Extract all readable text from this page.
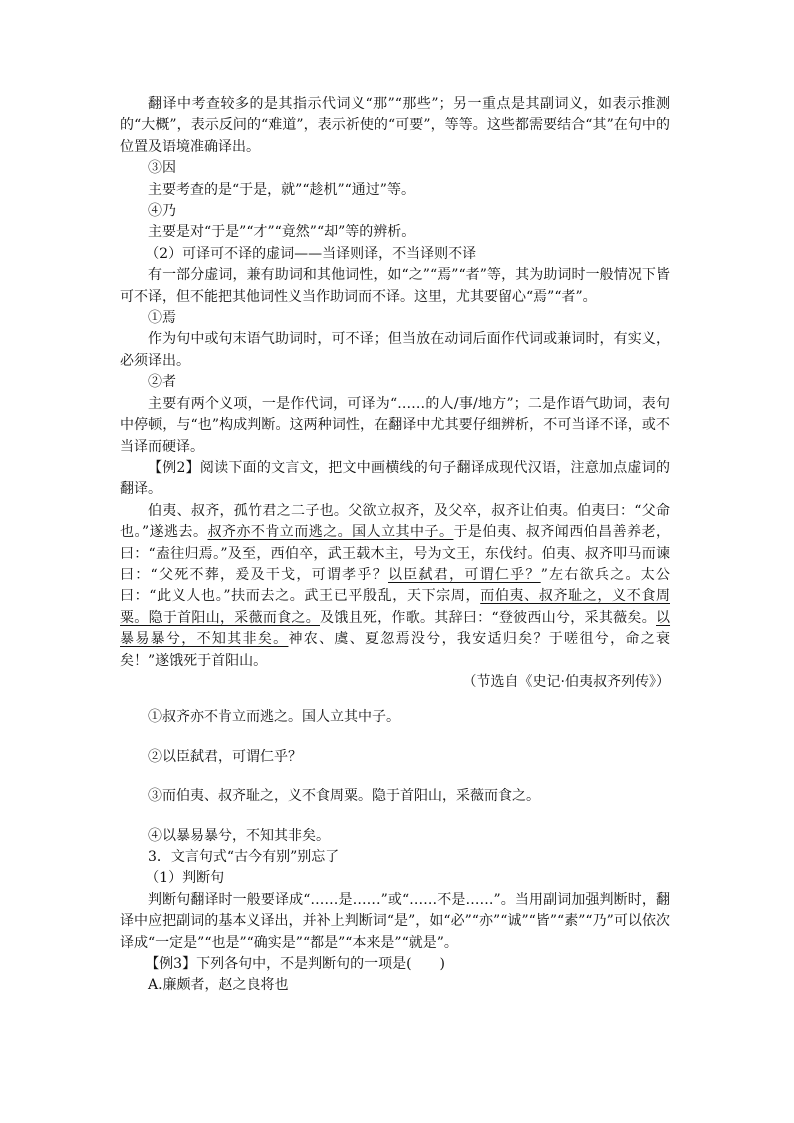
翻译中考查较多的是其指示代词义“那”“那些”；另一重点是其副词义，如表示推测的“大概”，表示反问的“难道”，表示祈使的“可要”，等等。这些都需要结合“其”在句中的位置及语境准确译出。

③因

主要考查的是“于是，就”“趁机”“通过”等。

④乃

主要是对“于是”“才”“竟然”“却”等的辨析。

（2）可译可不译的虚词——当译则译，不当译则不译

有一部分虚词，兼有助词和其他词性，如“之”“焉”“者”等，其为助词时一般情况下皆可不译，但不能把其他词性义当作助词而不译。这里，尤其要留心“焉”“者”。

①焉

作为句中或句末语气助词时，可不译；但当放在动词后面作代词或兼词时，有实义，必须译出。

②者

主要有两个义项，一是作代词，可译为“……的人/事/地方”；二是作语气助词，表句中停顿，与“也”构成判断。这两种词性，在翻译中尤其要仔细辨析，不可当译不译，或不当译而硬译。

【例2】阅读下面的文言文，把文中画横线的句子翻译成现代汉语，注意加点虚词的翻译。

伯夷、叔齐，孤竹君之二子也。父欲立叔齐，及父卒，叔齐让伯夷。伯夷曰：“父命也。”遂逃去。叔齐亦不肯立而逃之。国人立其中子。于是伯夷、叔齐闻西伯昌善养老，曰：“盍往归焉。”及至，西伯卒，武王载木主，号为文王，东伐纣。伯夷、叔齐叩马而谏曰：“父死不葬，爰及干戈，可谓孝乎？以臣弑君，可谓仁乎？”左右欲兵之。太公曰：“此义人也。”扶而去之。武王已平殷乱，天下宗周，而伯夷、叔齐耻之，义不食周粟。隐于首阳山，采薇而食之。及饿且死，作歌。其辞曰：“登彼西山兮，采其薇矣。以暴易暴兮，不知其非矣。神农、虞、夏忽焉没兮，我安适归矣？于嗟徂兮，命之衰矣！”遂饿死于首阳山。

（节选自《史记·伯夷叔齐列传》）

①叔齐亦不肯立而逃之。国人立其中子。

②以臣弑君，可谓仁乎？

③而伯夷、叔齐耻之，义不食周粟。隐于首阳山，采薇而食之。

④以暴易暴兮，不知其非矣。

3．文言句式“古今有别”别忘了

（1）判断句

判断句翻译时一般要译成“……是……”或“……不是……”。当用副词加强判断时，翻译中应把副词的基本义译出，并补上判断词“是”，如“必”“亦”“诚”“皆”“素”“乃”可以依次译成“一定是”“也是”“确实是”“都是”“本来是”“就是”。

【例3】下列各句中，不是判断句的一项是(　　)

A.廉颇者，赵之良将也
